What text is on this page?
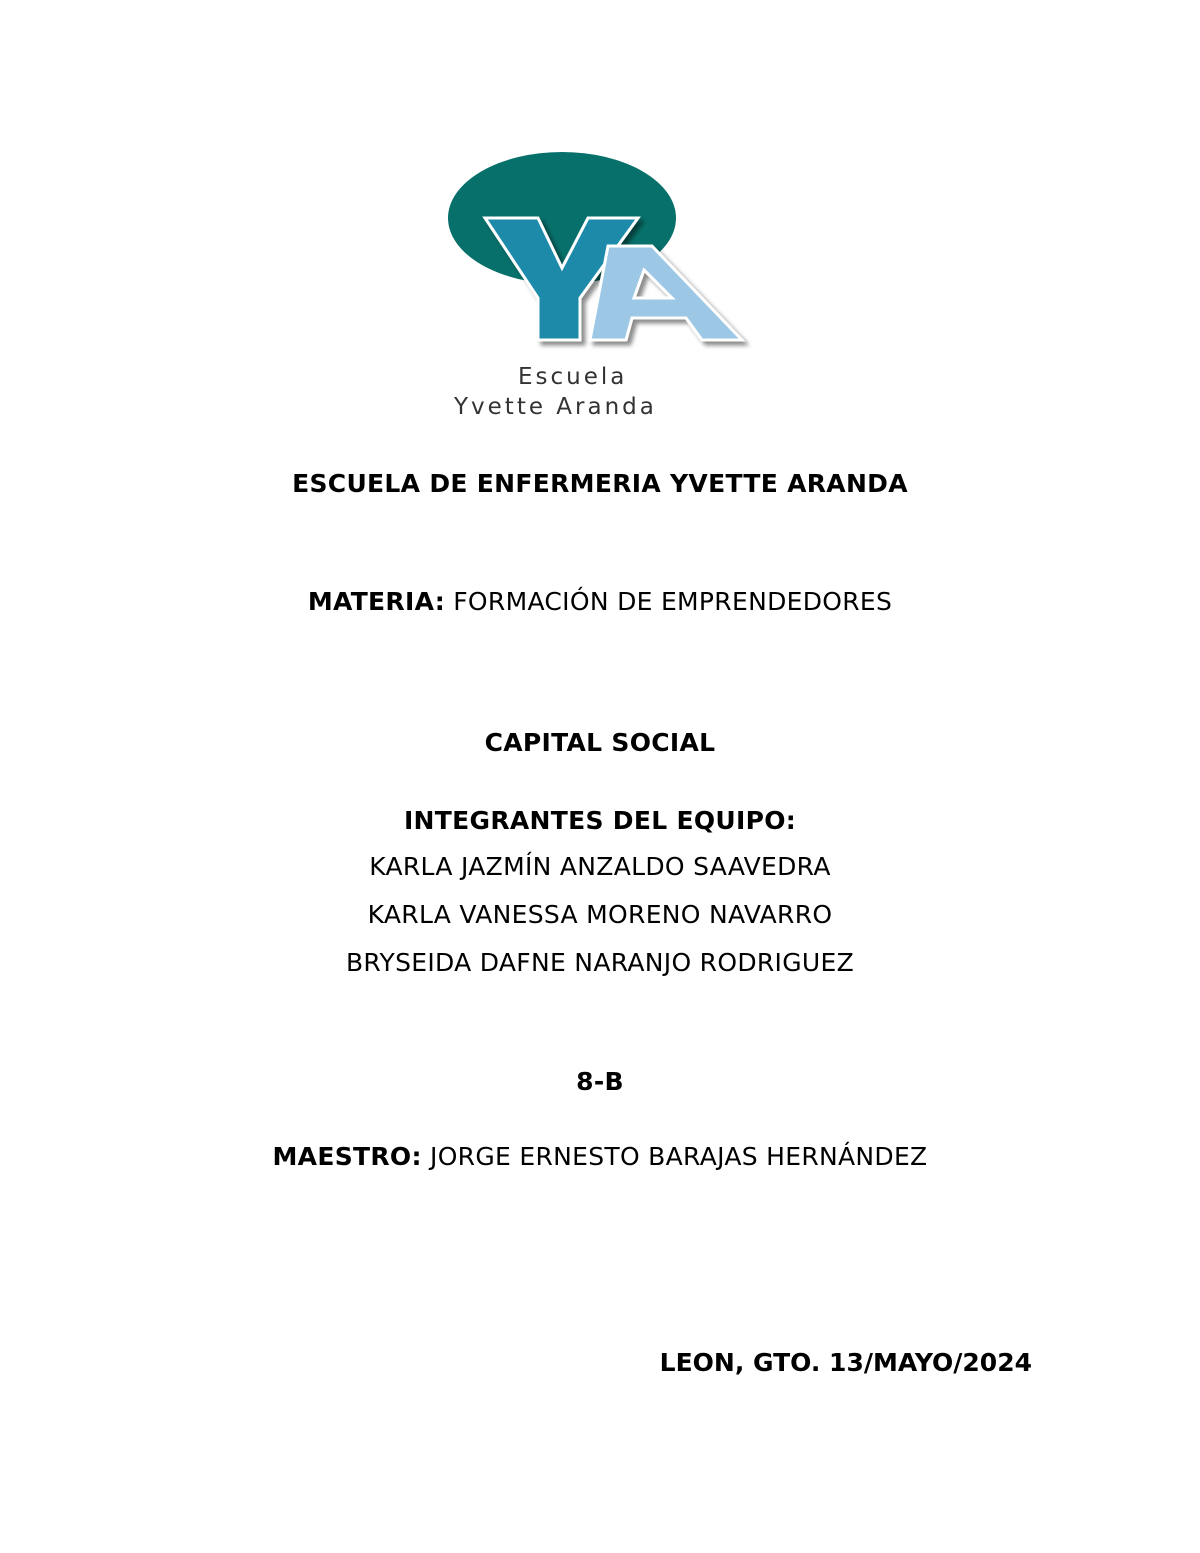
Escuela
Yvette Aranda
ESCUELA DE ENFERMERIA YVETTE ARANDA
MATERIA: FORMACIÓN DE EMPRENDEDORES
CAPITAL SOCIAL
INTEGRANTES DEL EQUIPO:
KARLA JAZMÍN ANZALDO SAAVEDRA
KARLA VANESSA MORENO NAVARRO
BRYSEIDA DAFNE NARANJO RODRIGUEZ
8-B
MAESTRO: JORGE ERNESTO BARAJAS HERNÁNDEZ
LEON, GTO. 13/MAYO/2024
